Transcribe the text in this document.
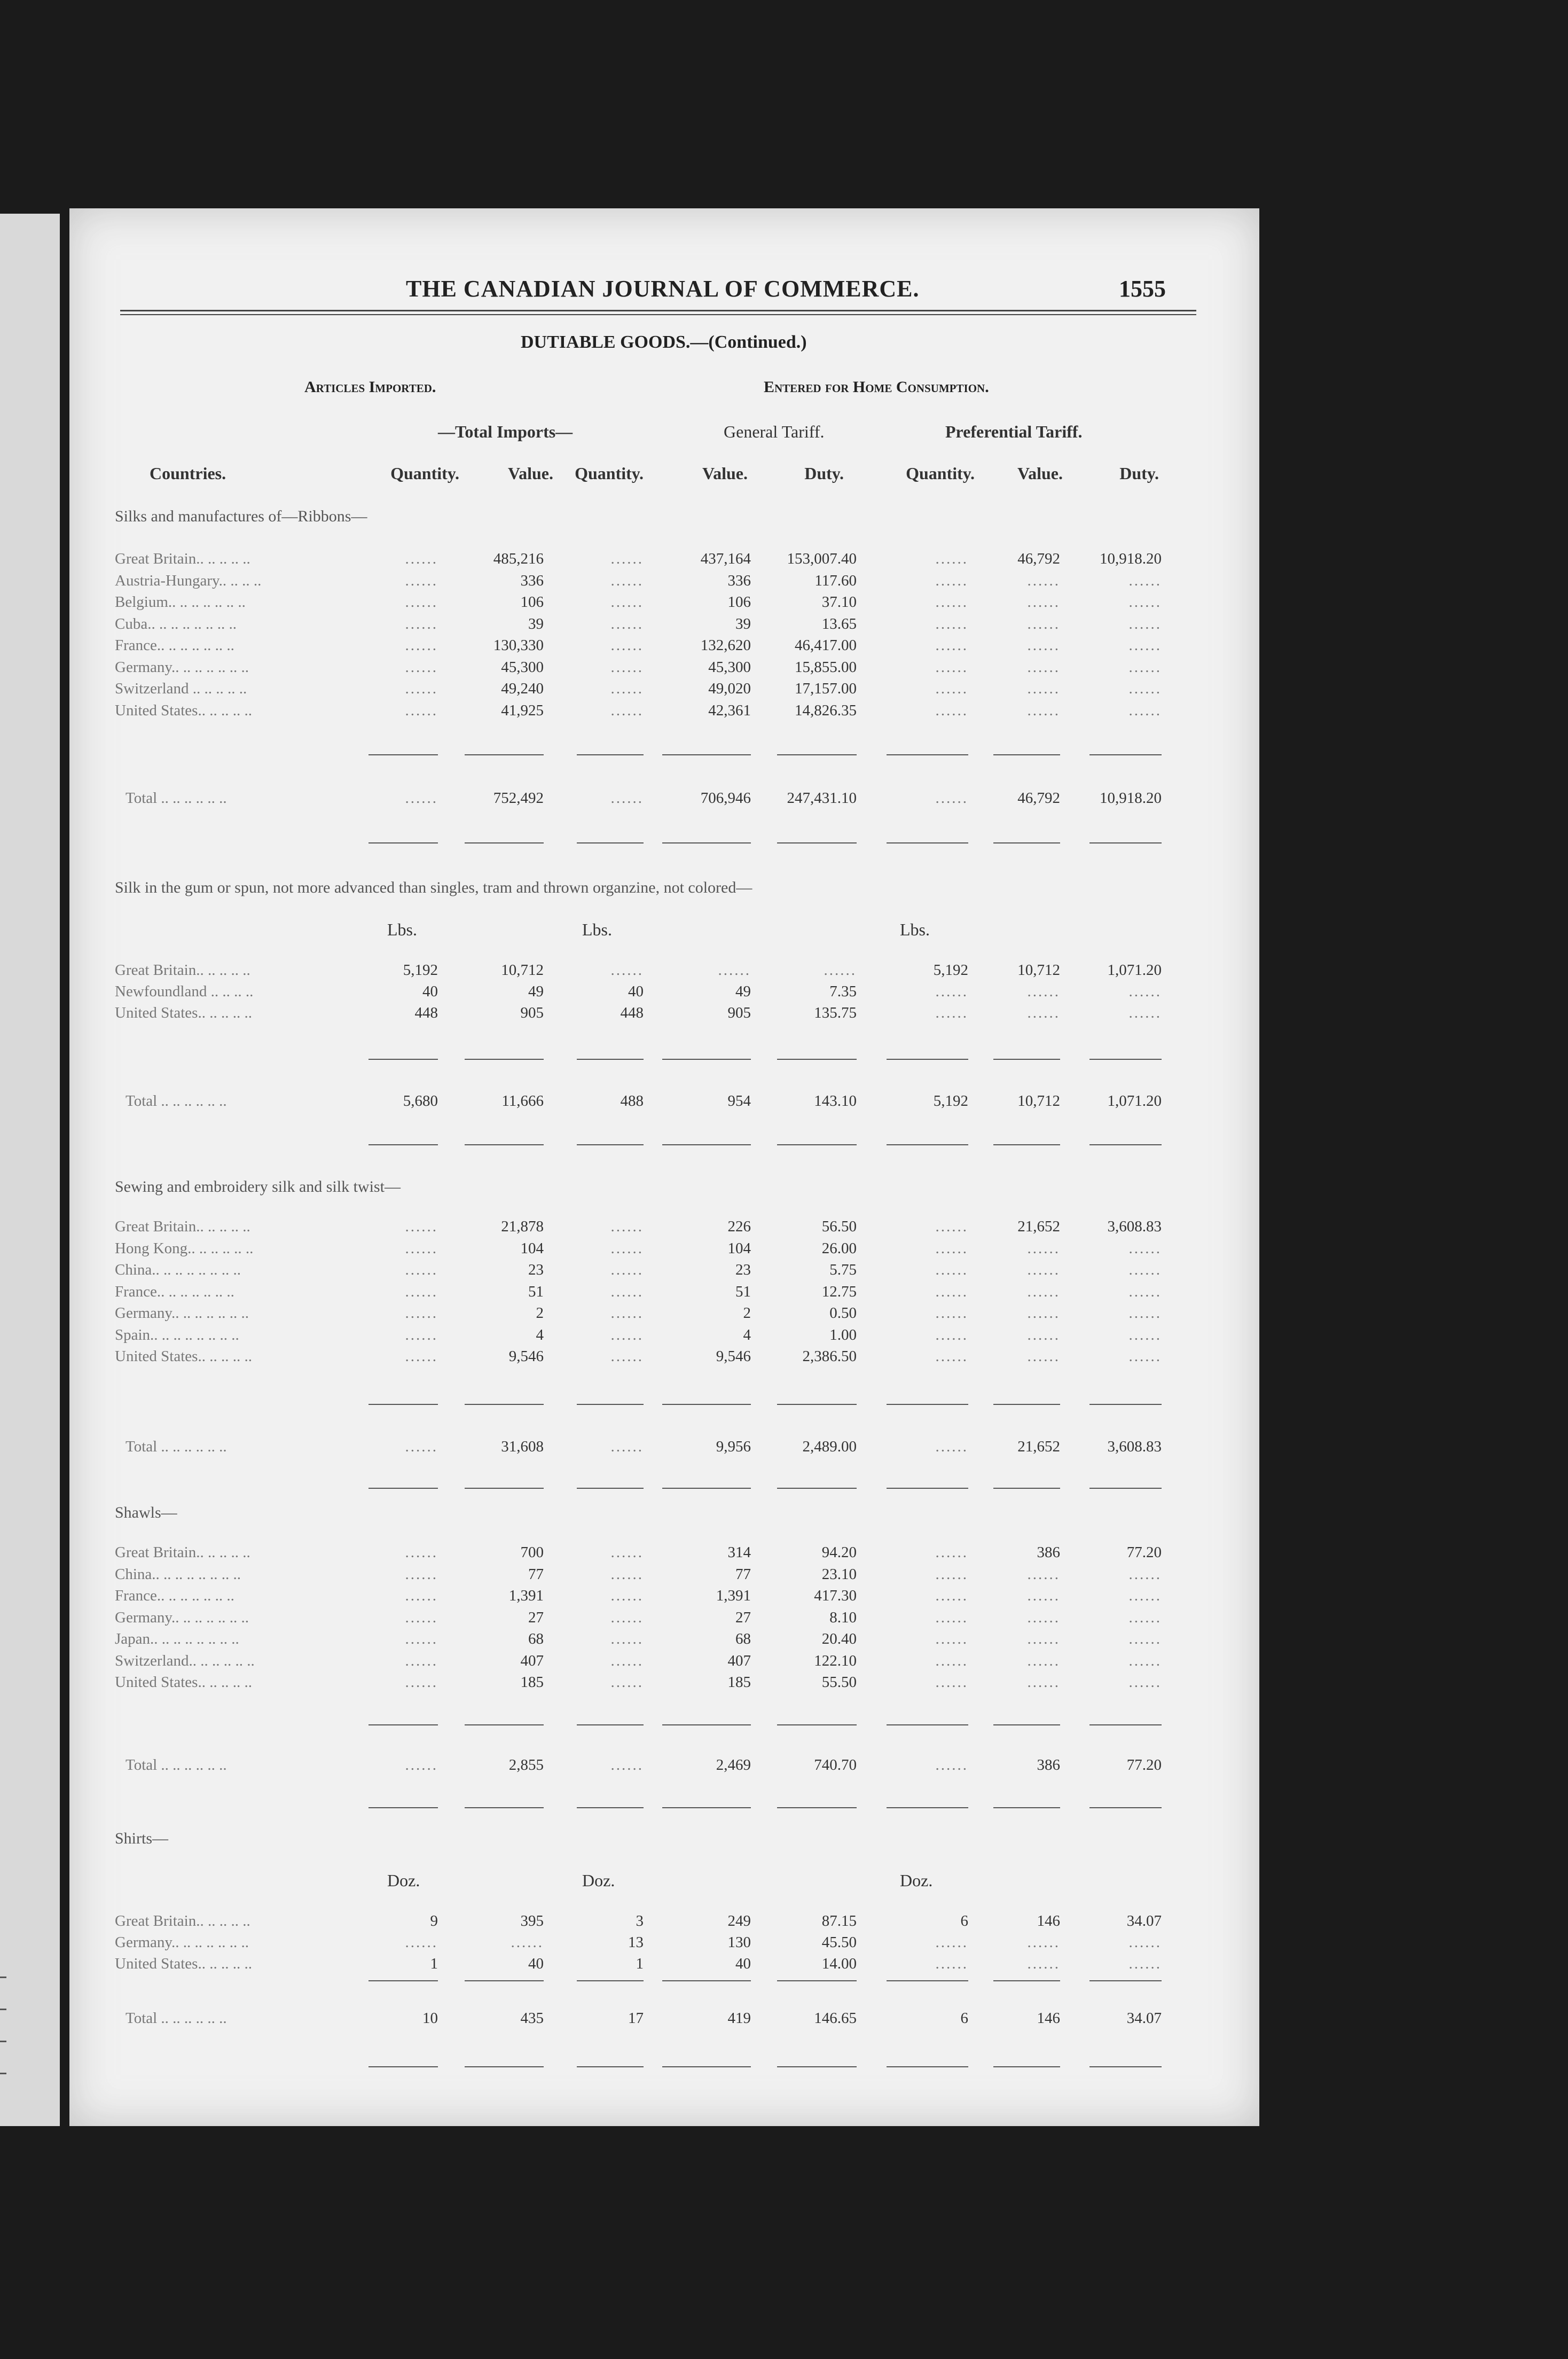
THE CANADIAN JOURNAL OF COMMERCE.	1555
DUTIABLE GOODS.—(Continued.)
Articles Imported.	Entered for Home Consumption.
—Total Imports—	General Tariff.	Preferential Tariff.
Countries.	Quantity.	Value. Quantity.	Value.	Duty.	Quantity. Value.	Duty.
Silks and manufactures of—Ribbons—
Great Britain.. .. .. .. ..	......	485,216	......	437,164 153,007.40	......	46,792	10,918.20
Austria-Hungary.. .. .. ..	......	336	......	336	117.60	......	......	......
Belgium.. .. .. .. .. .. ..	......	106	......	106	37.10	......	......	......
Cuba.. .. .. .. .. .. .. ..	......	39	......	39	13.65	......	......	......
France.. .. .. .. .. .. ..	......	130,330	......	132,620	46,417.00	......	......	......
Germany.. .. .. .. .. .. ..	......	45,300	......	45,300	15,855.00	......	......	......
Switzerland .. .. .. .. ..	......	49,240	......	49,020	17,157.00	......	......	......
United States.. .. .. .. ..	......	41,925	......	42,361	14,826.35	......	......	......
Total .. .. .. .. .. ..	......	752,492	......	706,946 247,431.10	......	46,792	10,918.20
Silk in the gum or spun, not more advanced than singles, tram and thrown organzine, not colored—
Lbs.	Lbs.	Lbs.
Great Britain.. .. .. .. ..	5,192	10,712	......	......	......	5,192	10,712	1,071.20
Newfoundland .. .. .. ..	40	49	40	49	7.35	......	......	......
United States.. .. .. .. ..	448	905	448	905	135.75	......	......	......
Total .. .. .. .. .. ..	5,680	11,666	488	954	143.10	5,192	10,712	1,071.20
Sewing and embroidery silk and silk twist—
Great Britain.. .. .. .. ..	......	21,878	......	226	56.50	......	21,652	3,608.83
Hong Kong.. .. .. .. .. ..	......	104	......	104	26.00	......	......	......
China.. .. .. .. .. .. .. ..	......	23	......	23	5.75	......	......	......
France.. .. .. .. .. .. ..	......	51	......	51	12.75	......	......	......
Germany.. .. .. .. .. .. ..	......	2	......	2	0.50	......	......	......
Spain.. .. .. .. .. .. .. ..	......	4	......	4	1.00	......	......	......
United States.. .. .. .. ..	......	9,546	......	9,546	2,386.50	......	......	......
Total .. .. .. .. .. ..	......	31,608	......	9,956	2,489.00	......	21,652	3,608.83
Shawls—
Great Britain.. .. .. .. ..	......	700	......	314	94.20	......	386	77.20
China.. .. .. .. .. .. .. ..	......	77	......	77	23.10	......	......	......
France.. .. .. .. .. .. ..	......	1,391	......	1,391	417.30	......	......	......
Germany.. .. .. .. .. .. ..	......	27	......	27	8.10	......	......	......
Japan.. .. .. .. .. .. .. ..	......	68	......	68	20.40	......	......	......
Switzerland.. .. .. .. .. ..	......	407	......	407	122.10	......	......	......
United States.. .. .. .. ..	......	185	......	185	55.50	......	......	......
Total .. .. .. .. .. ..	......	2,855	......	2,469	740.70	......	386	77.20
Shirts—
Doz.	Doz.	Doz.
Great Britain.. .. .. .. ..	9	395	3	249	87.15	6	146	34.07
Germany.. .. .. .. .. .. ..	......	......	13	130	45.50	......	......	......
United States.. .. .. .. ..	1	40	1	40	14.00	......	......	......
Total .. .. .. .. .. ..	10	435	17	419	146.65	6	146	34.07
